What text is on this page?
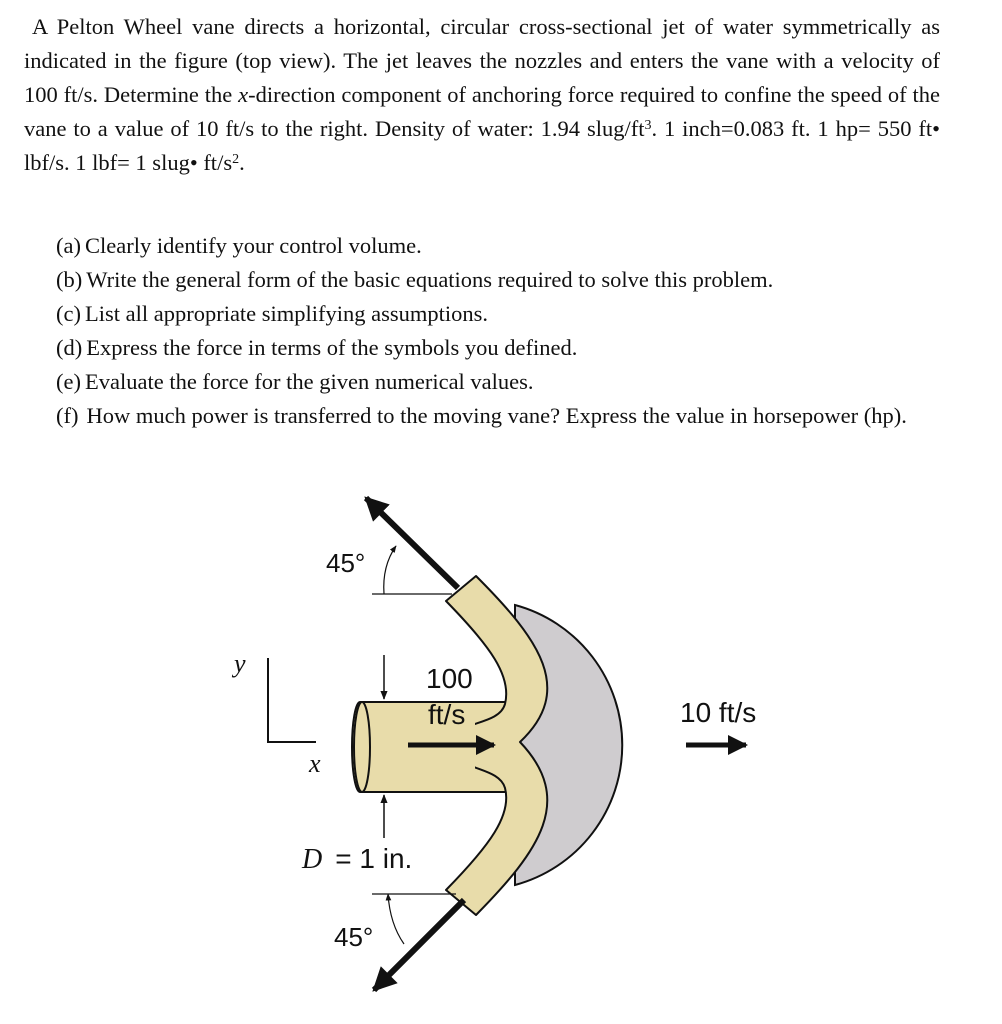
A Pelton Wheel vane directs a horizontal, circular cross-sectional jet of water symmetrically as indicated in the figure (top view). The jet leaves the nozzles and enters the vane with a velocity of 100 ft/s. Determine the x-direction component of anchoring force required to confine the speed of the vane to a value of 10 ft/s to the right. Density of water: 1.94 slug/$ft^3$. 1 inch=0.083 ft. 1 hp= 550 ft• lbf/s. 1 lbf= 1 slug• $ft/s^2$.

(a) Clearly identify your control volume.
(b) Write the general form of the basic equations required to solve this problem.
(c) List all appropriate simplifying assumptions.
(d) Express the force in terms of the symbols you defined.
(e) Evaluate the force for the given numerical values.
(f) How much power is transferred to the moving vane? Express the value in horsepower (hp).
45°
45°
100
ft/s
D = 1 in.
y
x
10 ft/s
